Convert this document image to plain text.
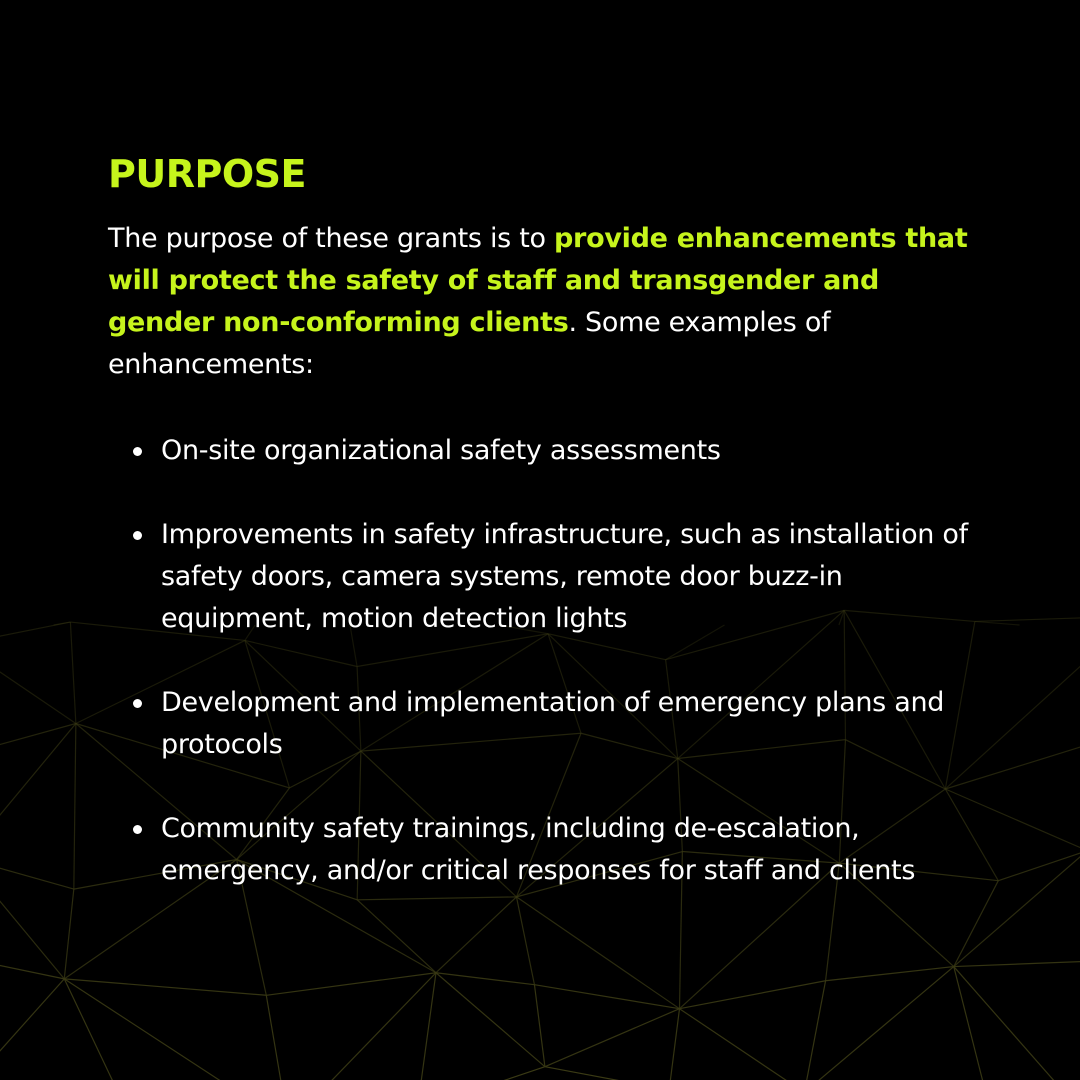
PURPOSE

The purpose of these grants is to provide enhancements that will protect the safety of staff and transgender and gender non-conforming clients. Some examples of enhancements:

On-site organizational safety assessments
Improvements in safety infrastructure, such as installation of safety doors, camera systems, remote door buzz-in equipment, motion detection lights
Development and implementation of emergency plans and protocols
Community safety trainings, including de-escalation, emergency, and/or critical responses for staff and clients
